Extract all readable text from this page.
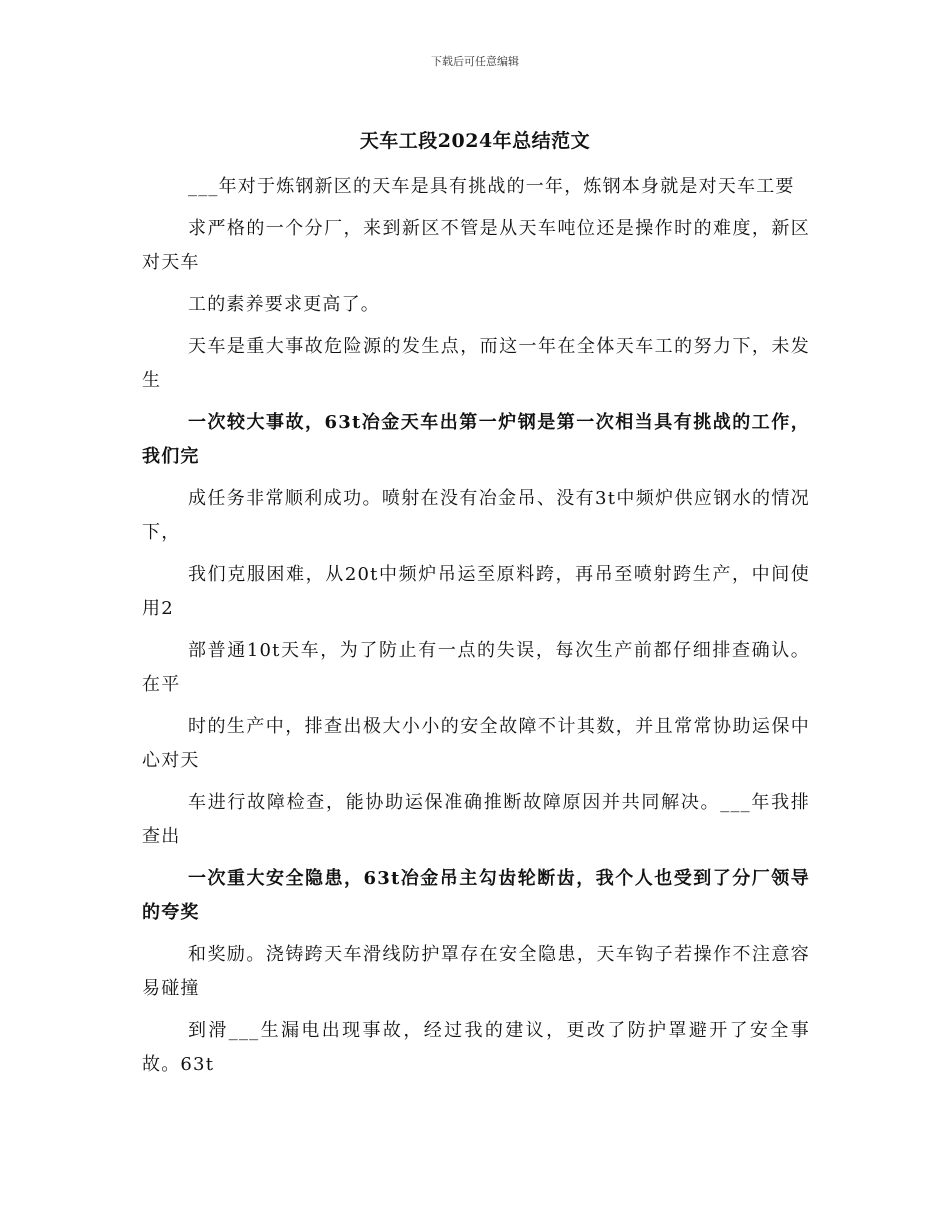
下载后可任意编辑
天车工段2024年总结范文

___年对于炼钢新区的天车是具有挑战的一年，炼钢本身就是对天车工要

求严格的一个分厂，来到新区不管是从天车吨位还是操作时的难度，新区对天车

工的素养要求更高了。

天车是重大事故危险源的发生点，而这一年在全体天车工的努力下，未发生

一次较大事故，63t冶金天车出第一炉钢是第一次相当具有挑战的工作，我们完

成任务非常顺利成功。喷射在没有冶金吊、没有3t中频炉供应钢水的情况下，

我们克服困难，从20t中频炉吊运至原料跨，再吊至喷射跨生产，中间使用2

部普通10t天车，为了防止有一点的失误，每次生产前都仔细排查确认。在平

时的生产中，排查出极大小小的安全故障不计其数，并且常常协助运保中心对天

车进行故障检查，能协助运保准确推断故障原因并共同解决。___年我排查出

一次重大安全隐患，63t冶金吊主勾齿轮断齿，我个人也受到了分厂领导的夸奖

和奖励。浇铸跨天车滑线防护罩存在安全隐患，天车钩子若操作不注意容易碰撞

到滑___生漏电出现事故，经过我的建议，更改了防护罩避开了安全事故。63t
